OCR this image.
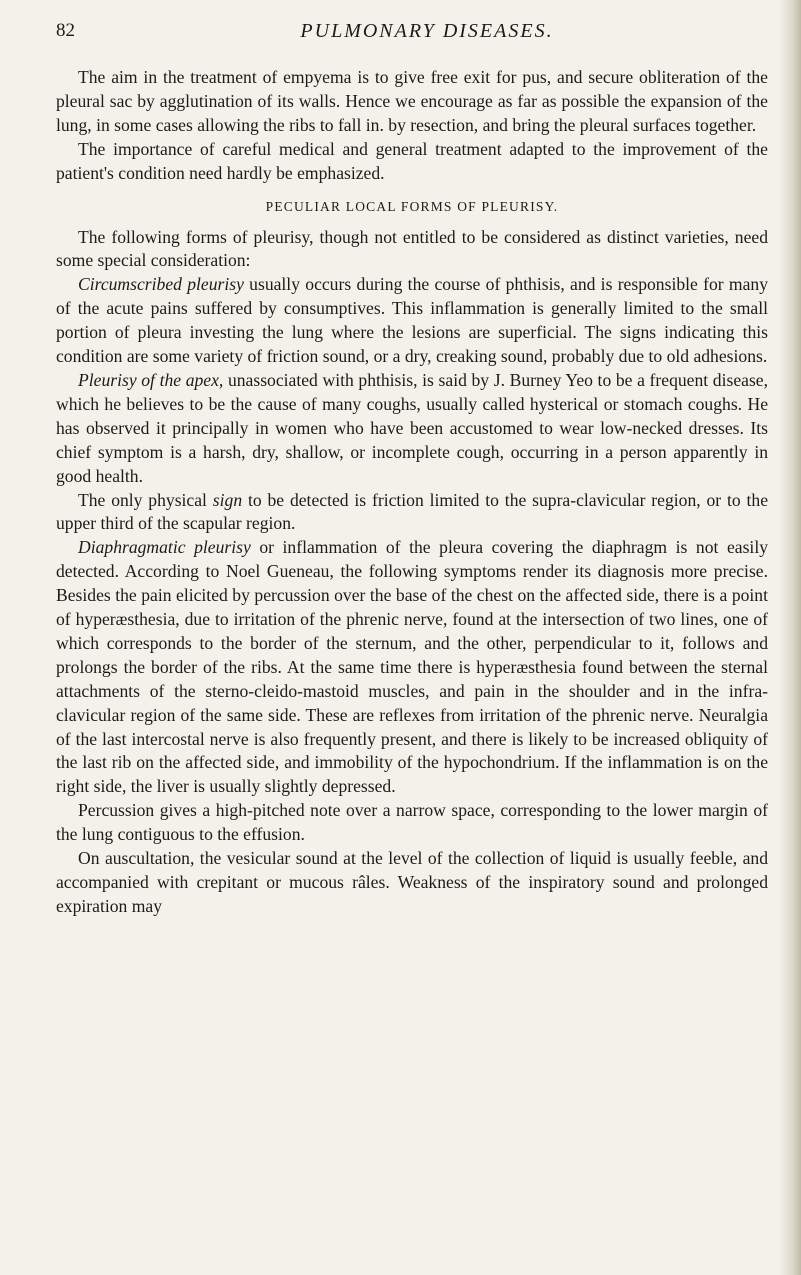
82	PULMONARY DISEASES.

The aim in the treatment of empyema is to give free exit for pus, and secure obliteration of the pleural sac by agglutination of its walls. Hence we encourage as far as possible the expansion of the lung, in some cases allowing the ribs to fall in. by resection, and bring the pleural surfaces together.

The importance of careful medical and general treatment adapted to the improvement of the patient's condition need hardly be emphasized.

PECULIAR LOCAL FORMS OF PLEURISY.

The following forms of pleurisy, though not entitled to be considered as distinct varieties, need some special consideration:

Circumscribed pleurisy usually occurs during the course of phthisis, and is responsible for many of the acute pains suffered by consumptives. This inflammation is generally limited to the small portion of pleura investing the lung where the lesions are superficial. The signs indicating this condition are some variety of friction sound, or a dry, creaking sound, probably due to old adhesions.

Pleurisy of the apex, unassociated with phthisis, is said by J. Burney Yeo to be a frequent disease, which he believes to be the cause of many coughs, usually called hysterical or stomach coughs. He has observed it principally in women who have been accustomed to wear low-necked dresses. Its chief symptom is a harsh, dry, shallow, or incomplete cough, occurring in a person apparently in good health.

The only physical sign to be detected is friction limited to the supra-clavicular region, or to the upper third of the scapular region.

Diaphragmatic pleurisy or inflammation of the pleura covering the diaphragm is not easily detected. According to Noel Gueneau, the following symptoms render its diagnosis more precise. Besides the pain elicited by percussion over the base of the chest on the affected side, there is a point of hyperæsthesia, due to irritation of the phrenic nerve, found at the intersection of two lines, one of which corresponds to the border of the sternum, and the other, perpendicular to it, follows and prolongs the border of the ribs. At the same time there is hyperæsthesia found between the sternal attachments of the sterno-cleido-mastoid muscles, and pain in the shoulder and in the infra-clavicular region of the same side. These are reflexes from irritation of the phrenic nerve. Neuralgia of the last intercostal nerve is also frequently present, and there is likely to be increased obliquity of the last rib on the affected side, and immobility of the hypochondrium. If the inflammation is on the right side, the liver is usually slightly depressed.

Percussion gives a high-pitched note over a narrow space, corresponding to the lower margin of the lung contiguous to the effusion.

On auscultation, the vesicular sound at the level of the collection of liquid is usually feeble, and accompanied with crepitant or mucous râles. Weakness of the inspiratory sound and prolonged expiration may
